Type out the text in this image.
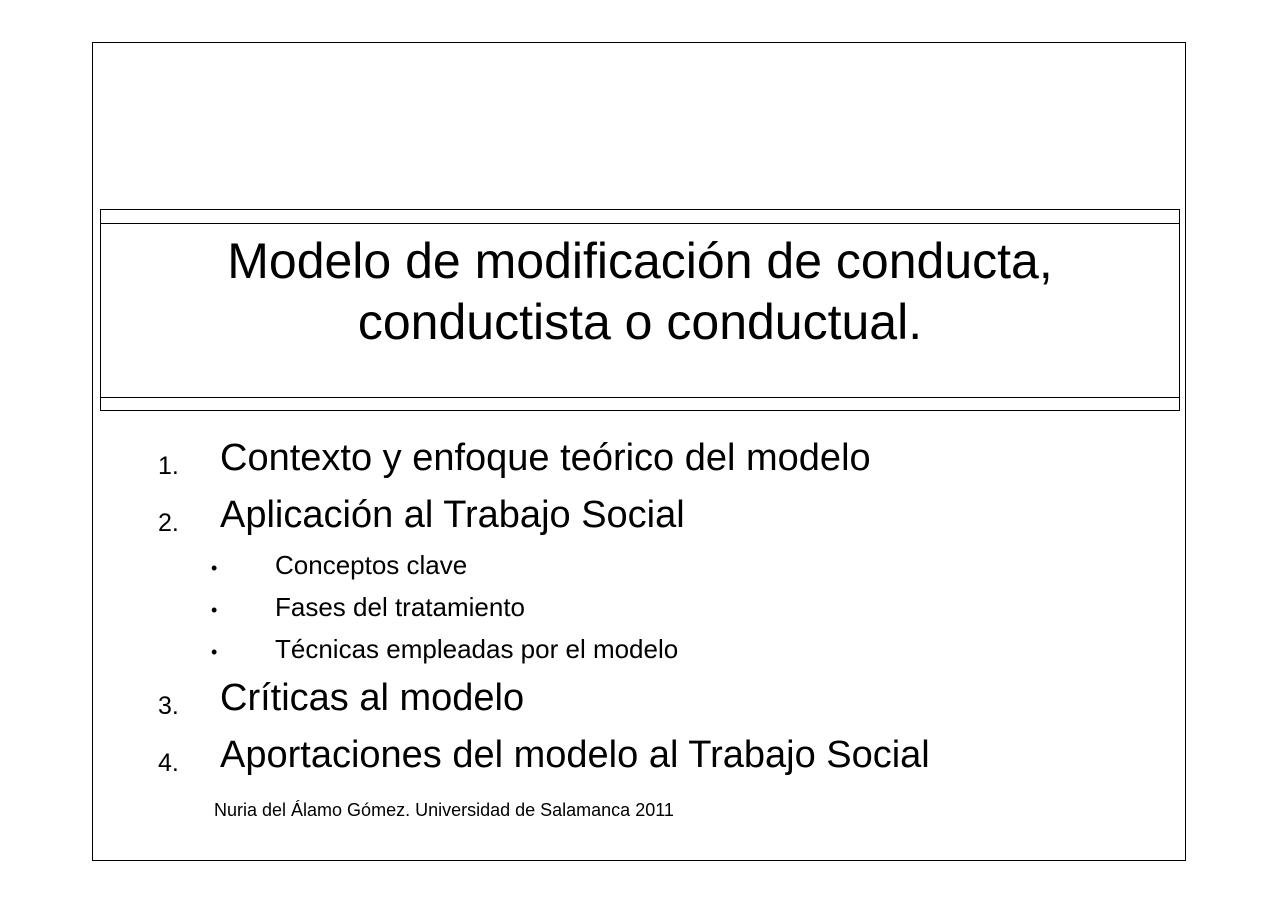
Modelo de modificación de conducta,
conductista o conductual.
1. Contexto y enfoque teórico del modelo
2. Aplicación al Trabajo Social
• Conceptos clave
• Fases del tratamiento
• Técnicas empleadas por el modelo
3. Críticas al modelo
4. Aportaciones del modelo al Trabajo Social
Nuria del Álamo Gómez. Universidad de Salamanca 2011
